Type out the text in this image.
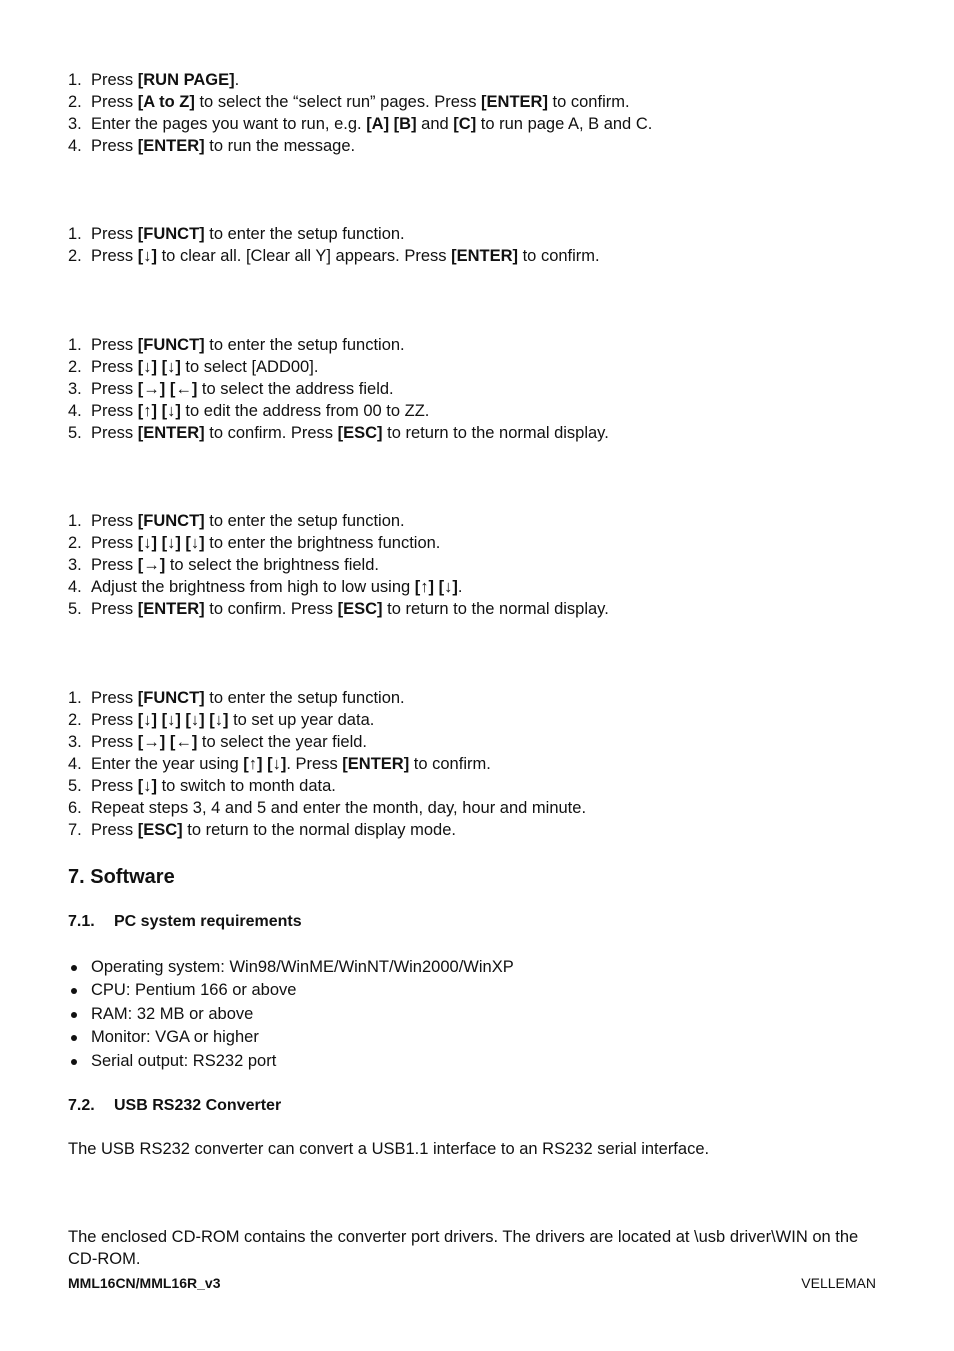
1. Press [RUN PAGE].
2. Press [A to Z] to select the “select run” pages. Press [ENTER] to confirm.
3. Enter the pages you want to run, e.g. [A] [B] and [C] to run page A, B and C.
4. Press [ENTER] to run the message.
1. Press [FUNCT] to enter the setup function.
2. Press [↓] to clear all. [Clear all Y] appears. Press [ENTER] to confirm.
1. Press [FUNCT] to enter the setup function.
2. Press [↓] [↓] to select [ADD00].
3. Press [→] [←] to select the address field.
4. Press [↑] [↓] to edit the address from 00 to ZZ.
5. Press [ENTER] to confirm. Press [ESC] to return to the normal display.
1. Press [FUNCT] to enter the setup function.
2. Press [↓] [↓] [↓] to enter the brightness function.
3. Press [→] to select the brightness field.
4. Adjust the brightness from high to low using [↑] [↓].
5. Press [ENTER] to confirm. Press [ESC] to return to the normal display.
1. Press [FUNCT] to enter the setup function.
2. Press [↓] [↓] [↓] [↓] to set up year data.
3. Press [→] [←] to select the year field.
4. Enter the year using [↑] [↓]. Press [ENTER] to confirm.
5. Press [↓] to switch to month data.
6. Repeat steps 3, 4 and 5 and enter the month, day, hour and minute.
7. Press [ESC] to return to the normal display mode.
7. Software
7.1. PC system requirements
Operating system: Win98/WinME/WinNT/Win2000/WinXP
CPU: Pentium 166 or above
RAM: 32 MB or above
Monitor: VGA or higher
Serial output: RS232 port
7.2. USB RS232 Converter

The USB RS232 converter can convert a USB1.1 interface to an RS232 serial interface.

The enclosed CD-ROM contains the converter port drivers. The drivers are located at \usb driver\WIN on the CD-ROM.

MML16CN/MML16R_v3	VELLEMAN
